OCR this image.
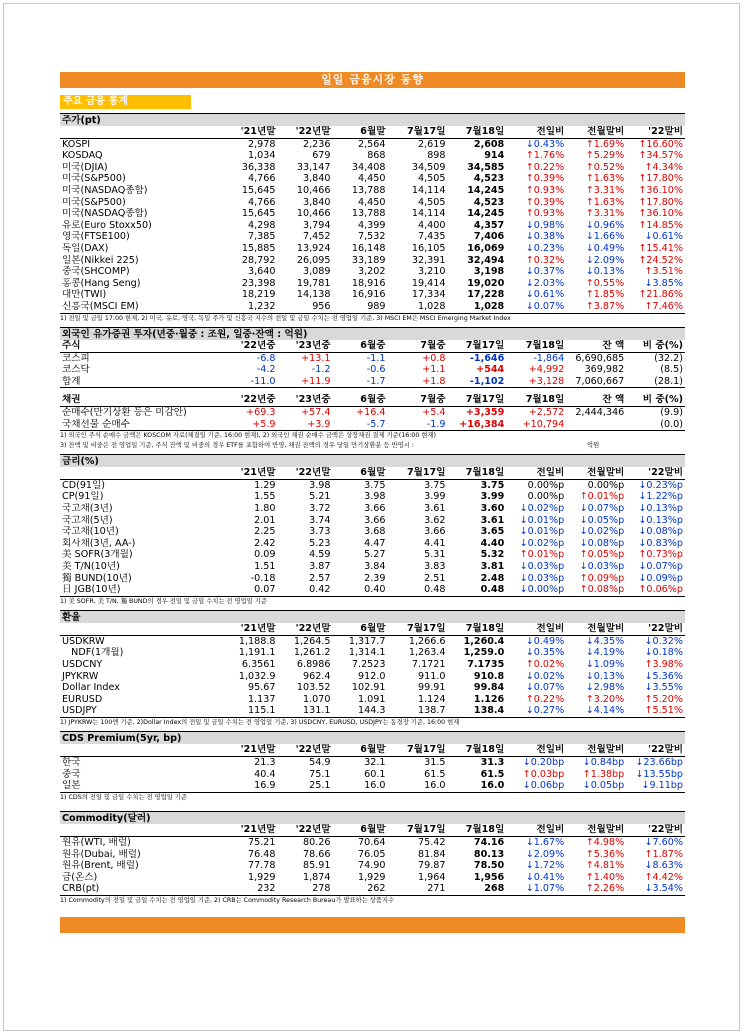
일일 금융시장 동향
주요 금융 통계
주가(pt)
	'21년말	'22년말	6월말	7월17일	7월18일	전일비	전월말비	'22말비
KOSPI	2,978	2,236	2,564	2,619	2,608	↓0.43%	↑1.69%	↑16.60%
KOSDAQ	1,034	679	868	898	914	↑1.76%	↑5.29%	↑34.57%
미국(DJIA)	36,338	33,147	34,408	34,509	34,585	↑0.22%	↑0.52%	↑4.34%
미국(S&P500)	4,766	3,840	4,450	4,505	4,523	↑0.39%	↑1.63%	↑17.80%
미국(NASDAQ종합)	15,645	10,466	13,788	14,114	14,245	↑0.93%	↑3.31%	↑36.10%
미국(S&P500)	4,766	3,840	4,450	4,505	4,523	↑0.39%	↑1.63%	↑17.80%
미국(NASDAQ종합)	15,645	10,466	13,788	14,114	14,245	↑0.93%	↑3.31%	↑36.10%
유로(Euro Stoxx50)	4,298	3,794	4,399	4,400	4,357	↓0.98%	↓0.96%	↑14.85%
영국(FTSE100)	7,385	7,452	7,532	7,435	7,406	↓0.38%	↓1.66%	↓0.61%
독일(DAX)	15,885	13,924	16,148	16,105	16,069	↓0.23%	↓0.49%	↑15.41%
일본(Nikkei 225)	28,792	26,095	33,189	32,391	32,494	↑0.32%	↓2.09%	↑24.52%
중국(SHCOMP)	3,640	3,089	3,202	3,210	3,198	↓0.37%	↓0.13%	↑3.51%
홍콩(Hang Seng)	23,398	19,781	18,916	19,414	19,020	↓2.03%	↑0.55%	↓3.85%
대만(TWI)	18,219	14,138	16,916	17,334	17,228	↓0.61%	↑1.85%	↑21.86%
신흥국(MSCI EM)	1,232	956	989	1,028	1,028	↓0.07%	↑3.87%	↑7.46%
1) 전일 및 금일 17:00 현재, 2) 미국, 유로, 영국, 독일 주가 및 신흥국 지수의 전일 및 금일 수치는 전 영업일 기준, 3) MSCI EM은 MSCI Emerging Market Index
외국인 유가증권 투자(년중·월중 : 조원, 일중·잔액 : 억원)
주식	'22년중	'23년중	6월중	7월중	7월17일	7월18일	잔 액	비 중(%)
코스피	-6.8	+13.1	-1.1	+0.8	-1,646	-1,864	6,690,685	(32.2)
코스닥	-4.2	-1.2	-0.6	+1.1	+544	+4,992	369,982	(8.5)
합계	-11.0	+11.9	-1.7	+1.8	-1,102	+3,128	7,060,667	(28.1)
채권	'22년중	'23년중	6월중	7월중	7월17일	7월18일	잔 액	비 중(%)
순매수(만기상환 등은 미감안)	+69.3	+57.4	+16.4	+5.4	+3,359	+2,572	2,444,346	(9.9)
국채선물 순매수	+5.9	+3.9	-5.7	-1.9	+16,384	+10,794		(0.0)
1) 외국인 주식 순매수 금액은 KOSCOM 자료(체결일 기준, 16:00 현재), 2) 외국인 채권 순매수 금액은 상장채권 결제 기준(16:00 현재)
3) 잔액 및 비중은 전 영업일 기준, 주식 잔액 및 비중의 경우 ETF를 포함하여 반영, 채권 잔액의 경우 당일 만기상환분 등 반영시 :	억원
금리(%)
	'21년말	'22년말	6월말	7월17일	7월18일	전일비	전월말비	'22말비
CD(91일)	1.29	3.98	3.75	3.75	3.75	0.00%p	0.00%p	↓0.23%p
CP(91일)	1.55	5.21	3.98	3.99	3.99	0.00%p	↑0.01%p	↓1.22%p
국고채(3년)	1.80	3.72	3.66	3.61	3.60	↓0.02%p	↓0.07%p	↓0.13%p
국고채(5년)	2.01	3.74	3.66	3.62	3.61	↓0.01%p	↓0.05%p	↓0.13%p
국고채(10년)	2.25	3.73	3.68	3.66	3.65	↓0.01%p	↓0.02%p	↓0.08%p
회사채(3년, AA-)	2.42	5.23	4.47	4.41	4.40	↓0.02%p	↓0.08%p	↓0.83%p
美 SOFR(3개월)	0.09	4.59	5.27	5.31	5.32	↑0.01%p	↑0.05%p	↑0.73%p
美 T/N(10년)	1.51	3.87	3.84	3.83	3.81	↓0.03%p	↓0.03%p	↓0.07%p
獨 BUND(10년)	-0.18	2.57	2.39	2.51	2.48	↓0.03%p	↑0.09%p	↓0.09%p
日 JGB(10년)	0.07	0.42	0.40	0.48	0.48	↓0.00%p	↑0.08%p	↑0.06%p
1) 美 SOFR, 美 T/N, 獨 BUND의 경우 전일 및 금일 수치는 전 영업일 기준
환율
	'21년말	'22년말	6월말	7월17일	7월18일	전일비	전월말비	'22말비
USDKRW	1,188.8	1,264.5	1,317.7	1,266.6	1,260.4	↓0.49%	↓4.35%	↓0.32%
NDF(1개월)	1,191.1	1,261.2	1,314.1	1,263.4	1,259.0	↓0.35%	↓4.19%	↓0.18%
USDCNY	6.3561	6.8986	7.2523	7.1721	7.1735	↑0.02%	↓1.09%	↑3.98%
JPYKRW	1,032.9	962.4	912.0	911.0	910.8	↓0.02%	↓0.13%	↓5.36%
Dollar Index	95.67	103.52	102.91	99.91	99.84	↓0.07%	↓2.98%	↓3.55%
EURUSD	1.137	1.070	1.091	1.124	1.126	↑0.22%	↑3.20%	↑5.20%
USDJPY	115.1	131.1	144.3	138.7	138.4	↓0.27%	↓4.14%	↑5.51%
1) JPYKRW는 100엔 기준, 2)Dollar Index의 전일 및 금일 수치는 전 영업일 기준, 3) USDCNY, EURUSD, USDJPY는 동경장 기준, 16:00 현재
CDS Premium(5yr, bp)
	'21년말	'22년말	6월말	7월17일	7월18일	전일비	전월말비	'22말비
한국	21.3	54.9	32.1	31.5	31.3	↓0.20bp	↓0.84bp	↓23.66bp
중국	40.4	75.1	60.1	61.5	61.5	↑0.03bp	↑1.38bp	↓13.55bp
일본	16.9	25.1	16.0	16.0	16.0	↓0.06bp	↓0.05bp	↓9.11bp
1) CDS의 전일 및 금일 수치는 전 영업일 기준
Commodity(달러)
	'21년말	'22년말	6월말	7월17일	7월18일	전일비	전월말비	'22말비
원유(WTI, 배럴)	75.21	80.26	70.64	75.42	74.16	↓1.67%	↑4.98%	↓7.60%
원유(Dubai, 배럴)	76.48	78.66	76.05	81.84	80.13	↓2.09%	↑5.36%	↑1.87%
원유(Brent, 배럴)	77.78	85.91	74.90	79.87	78.50	↓1.72%	↑4.81%	↓8.63%
금(온스)	1,929	1,874	1,929	1,964	1,956	↓0.41%	↑1.40%	↑4.42%
CRB(pt)	232	278	262	271	268	↓1.07%	↑2.26%	↓3.54%
1) Commodity의 전일 및 금일 수치는 전 영업일 기준, 2) CRB는 Commodity Research Bureau가 발표하는 상품지수
